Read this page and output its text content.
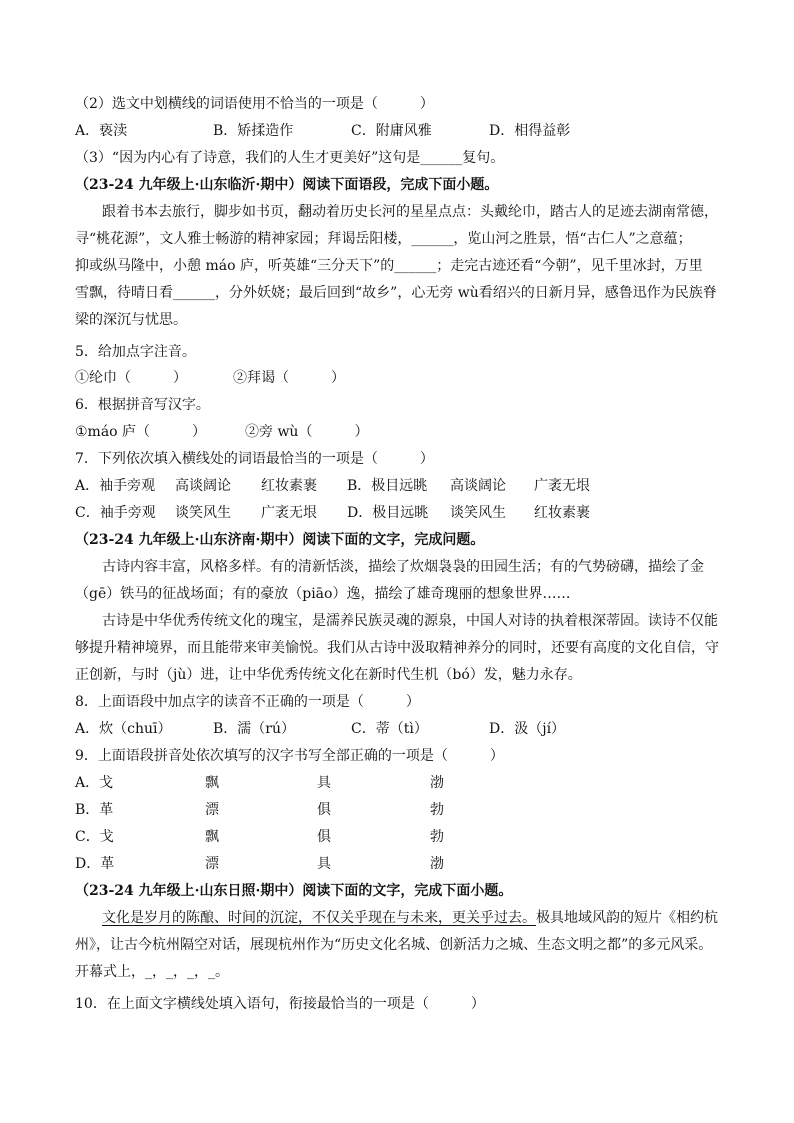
（2）选文中划横线的词语使用不恰当的一项是（　　　）
A．亵渎	B．矫揉造作	C．附庸风雅	D．相得益彰
（3）“因为内心有了诗意，我们的人生才更美好”这句是______复句。
（23-24 九年级上·山东临沂·期中）阅读下面语段，完成下面小题。
跟着书本去旅行，脚步如书页，翻动着历史长河的星星点点：头戴纶巾，踏古人的足迹去湖南常德，
寻“桃花源”，文人雅士畅游的精神家园；拜谒岳阳楼，______，览山河之胜景，悟“古仁人”之意蕴；
抑或纵马隆中，小憩 máo 庐，听英雄“三分天下”的______；走完古迹还看“今朝”，见千里冰封，万里
雪飘，待晴日看______，分外妖娆；最后回到“故乡”，心无旁 wù看绍兴的日新月异，感鲁迅作为民族脊
梁的深沉与忧思。
5．给加点字注音。
①纶巾（　　　）	②拜谒（　　　）
6．根据拼音写汉字。
①máo 庐（　　　）	②旁 wù（　　　）
7．下列依次填入横线处的词语最恰当的一项是（　　　）
A．袖手旁观 高谈阔论 红妆素裹 B．极目远眺 高谈阔论 广袤无垠
C．袖手旁观 谈笑风生 广袤无垠 D．极目远眺 谈笑风生 红妆素裹
（23-24 九年级上·山东济南·期中）阅读下面的文字，完成问题。
古诗内容丰富，风格多样。有的清新恬淡，描绘了炊烟袅袅的田园生活；有的气势磅礴，描绘了金
（gē）铁马的征战场面；有的豪放（piāo）逸，描绘了雄奇瑰丽的想象世界……
古诗是中华优秀传统文化的瑰宝，是濡养民族灵魂的源泉，中国人对诗的执着根深蒂固。读诗不仅能
够提升精神境界，而且能带来审美愉悦。我们从古诗中汲取精神养分的同时，还要有高度的文化自信，守
正创新，与时（jù）进，让中华优秀传统文化在新时代生机（bó）发，魅力永存。
8．上面语段中加点字的读音不正确的一项是（　　　）
A．炊（chuī）	B．濡（rú）	C．蒂（tì）	D．汲（jí）
9．上面语段拼音处依次填写的汉字书写全部正确的一项是（　　　）
A．戈	飘	具	渤
B．革	漂	俱	勃
C．戈	飘	俱	勃
D．革	漂	具	渤
（23-24 九年级上·山东日照·期中）阅读下面的文字，完成下面小题。
文化是岁月的陈酿、时间的沉淀，不仅关乎现在与未来，更关乎过去。极具地域风韵的短片《相约杭
州》，让古今杭州隔空对话，展现杭州作为“历史文化名城、创新活力之城、生态文明之都”的多元风采。
开幕式上，_，_，_，_。
10．在上面文字横线处填入语句，衔接最恰当的一项是（　　　）
